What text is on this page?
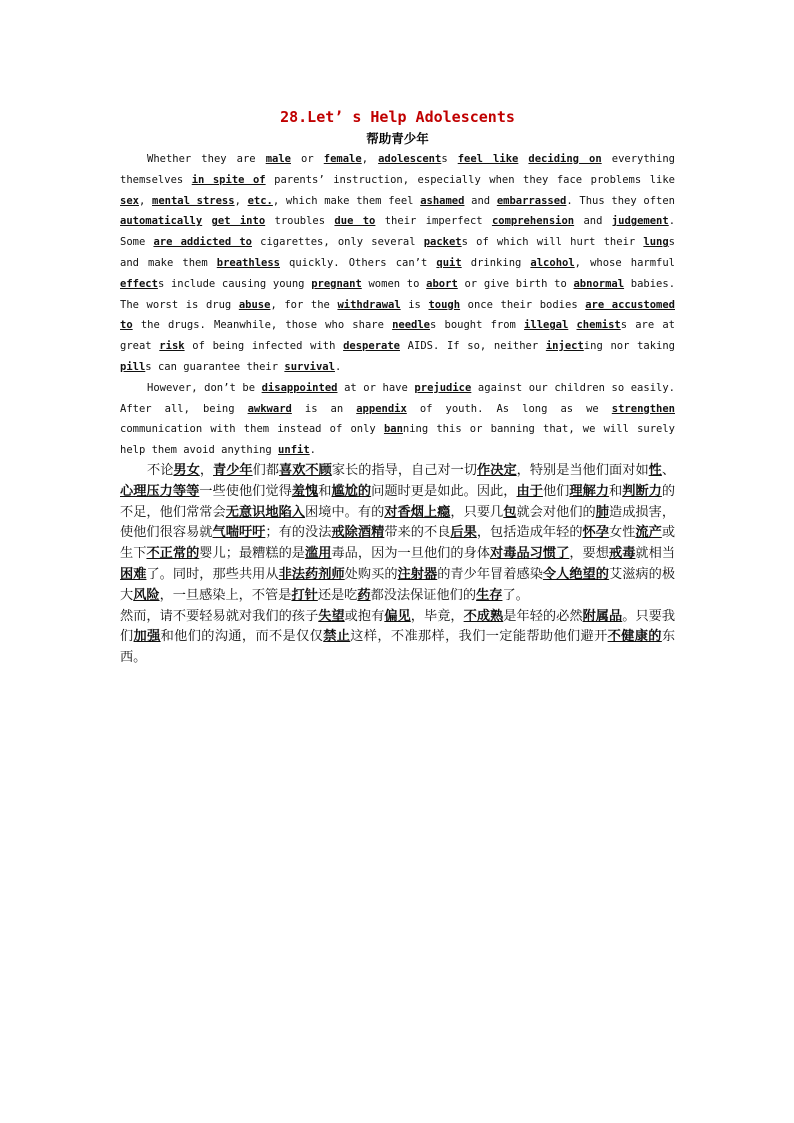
28.Let’ s Help Adolescents
帮助青少年

Whether they are male or female, adolescents feel like deciding on everything themselves in spite of parents’ instruction, especially when they face problems like sex, mental stress, etc., which make them feel ashamed and embarrassed. Thus they often automatically get into troubles due to their imperfect comprehension and judgement. Some are addicted to cigarettes, only several packets of which will hurt their lungs and make them breathless quickly. Others can’t quit drinking alcohol, whose harmful effects include causing young pregnant women to abort or give birth to abnormal babies. The worst is drug abuse, for the withdrawal is tough once their bodies are accustomed to the drugs. Meanwhile, those who share needles bought from illegal chemists are at great risk of being infected with desperate AIDS. If so, neither injecting nor taking pills can guarantee their survival.

However, don’t be disappointed at or have prejudice against our children so easily. After all, being awkward is an appendix of youth. As long as we strengthen communication with them instead of only banning this or banning that, we will surely help them avoid anything unfit.

不论男女，青少年们都喜欢不顾家长的指导，自己对一切作决定，特别是当他们面对如性、心理压力等等一些使他们觉得羞愧和尴尬的问题时更是如此。因此，由于他们理解力和判断力的不足，他们常常会无意识地陷入困境中。有的对香烟上瘾，只要几包就会对他们的肺造成损害，使他们很容易就气喘吁吁；有的没法戒除酒精带来的不良后果，包括造成年轻的怀孕女性流产或生下不正常的婴儿；最糟糕的是滥用毒品，因为一旦他们的身体对毒品习惯了，要想戒毒就相当困难了。同时，那些共用从非法药剂师处购买的注射器的青少年冒着感染令人绝望的艾滋病的极大风险，一旦感染上，不管是打针还是吃药都没法保证他们的生存了。

然而，请不要轻易就对我们的孩子失望或抱有偏见，毕竟，不成熟是年轻的必然附属品。只要我们加强和他们的沟通，而不是仅仅禁止这样，不准那样，我们一定能帮助他们避开不健康的东西。
